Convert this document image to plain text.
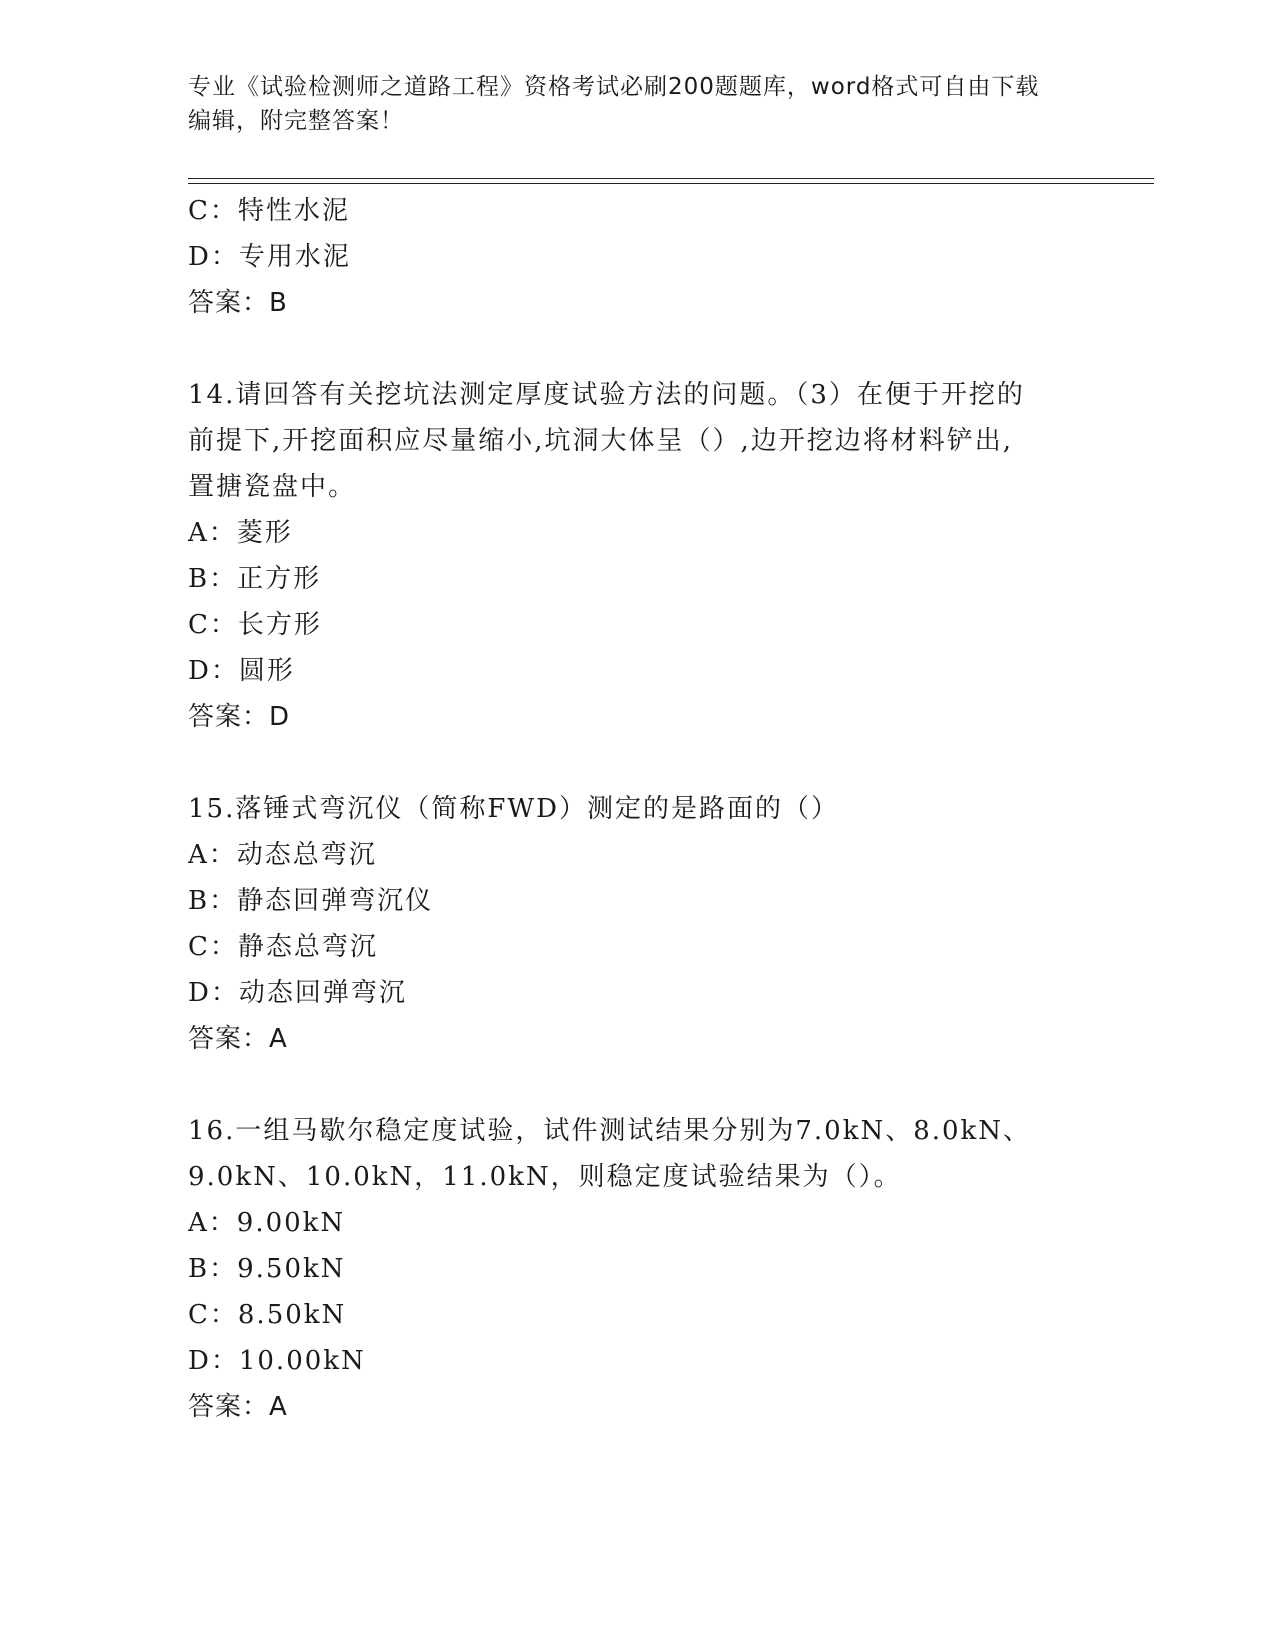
专业《试验检测师之道路工程》资格考试必刷200题题库，word格式可自由下载
编辑，附完整答案！
C：特性水泥
D：专用水泥
答案：B
14.请回答有关挖坑法测定厚度试验方法的问题。（3）在便于开挖的
前提下,开挖面积应尽量缩小,坑洞大体呈（）,边开挖边将材料铲出,
置搪瓷盘中。
A：菱形
B：正方形
C：长方形
D：圆形
答案：D
15.落锤式弯沉仪（简称FWD）测定的是路面的（）
A：动态总弯沉
B：静态回弹弯沉仪
C：静态总弯沉
D：动态回弹弯沉
答案：A
16.一组马歇尔稳定度试验，试件测试结果分别为7.0kN、8.0kN、
9.0kN、10.0kN，11.0kN，则稳定度试验结果为（）。
A：9.00kN
B：9.50kN
C：8.50kN
D：10.00kN
答案：A
